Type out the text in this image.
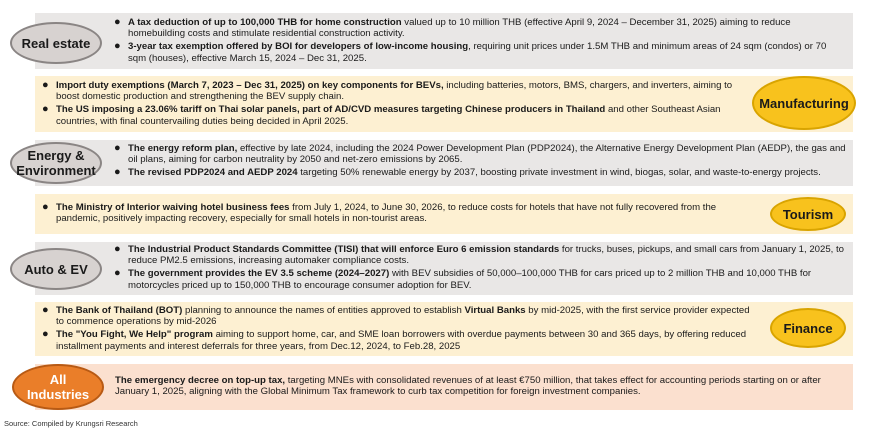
Real estate
● A tax deduction of up to 100,000 THB for home construction valued up to 10 million THB (effective April 9, 2024 – December 31, 2025) aiming to reduce homebuilding costs and stimulate residential construction activity.
● 3-year tax exemption offered by BOI for developers of low-income housing, requiring unit prices under 1.5M THB and minimum areas of 24 sqm (condos) or 70 sqm (houses), effective March 15, 2024 – Dec 31, 2025.
Manufacturing
● Import duty exemptions (March 7, 2023 – Dec 31, 2025) on key components for BEVs, including batteries, motors, BMS, chargers, and inverters, aiming to boost domestic production and strengthening the BEV supply chain.
● The US imposing a 23.06% tariff on Thai solar panels, part of AD/CVD measures targeting Chinese producers in Thailand and other Southeast Asian countries, with final countervailing duties being decided in April 2025.
Energy &
Environment
● The energy reform plan, effective by late 2024, including the 2024 Power Development Plan (PDP2024), the Alternative Energy Development Plan (AEDP), the gas and oil plans, aiming for carbon neutrality by 2050 and net-zero emissions by 2065.
● The revised PDP2024 and AEDP 2024 targeting 50% renewable energy by 2037, boosting private investment in wind, biogas, solar, and waste-to-energy projects.
Tourism
● The Ministry of Interior waiving hotel business fees from July 1, 2024, to June 30, 2026, to reduce costs for hotels that have not fully recovered from the pandemic, positively impacting recovery, especially for small hotels in non-tourist areas.
Auto & EV
● The Industrial Product Standards Committee (TISI) that will enforce Euro 6 emission standards for trucks, buses, pickups, and small cars from January 1, 2025, to reduce PM2.5 emissions, increasing automaker compliance costs.
● The government provides the EV 3.5 scheme (2024–2027) with BEV subsidies of 50,000–100,000 THB for cars priced up to 2 million THB and 10,000 THB for motorcycles priced up to 150,000 THB to encourage consumer adoption for BEV.
Finance
● The Bank of Thailand (BOT) planning to announce the names of entities approved to establish Virtual Banks by mid-2025, with the first service provider expected to commence operations by mid-2026
● The "You Fight, We Help" program aiming to support home, car, and SME loan borrowers with overdue payments between 30 and 365 days, by offering reduced installment payments and interest deferrals for three years, from Dec.12, 2024, to Feb.28, 2025
All
Industries
The emergency decree on top-up tax, targeting MNEs with consolidated revenues of at least €750 million, that takes effect for accounting periods starting on or after January 1, 2025, aligning with the Global Minimum Tax framework to curb tax competition for foreign investment companies.
Source: Compiled by Krungsri Research
